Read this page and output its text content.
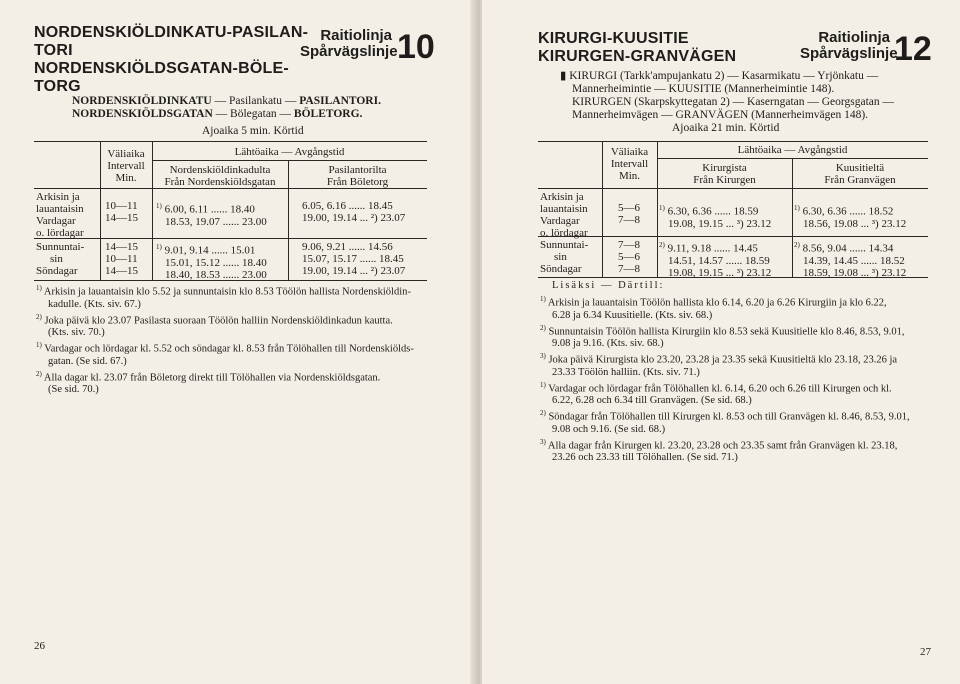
NORDENSKIÖLDINKATU-PASILAN-
TORI
NORDENSKIÖLDSGATAN-BÖLE-
TORG
Raitiolinja
Spårvägslinje 10
NORDENSKIÖLDINKATU — Pasilankatu — PASILANTORI.
NORDENSKIÖLDSGATAN — Bölegatan — BÖLETORG.
Ajoaika 5 min. Körtid
Väliaika
Intervall
Min.
Lähtöaika — Avgångstid
Nordenskiöldinkadulta
Från Nordenskiöldsgatan
Pasilantorilta
Från Böletorg
Arkisin ja
lauantaisin
Vardagar
o. lördagar
10—11
14—15
$^{1)}$ 6.00, 6.11 ...... 18.40
18.53, 19.07 ...... 23.00
6.05, 6.16 ...... 18.45
19.00, 19.14 ... ²) 23.07
Sunnuntai-
sin
Söndagar
14—15
10—11
14—15
$^{1)}$ 9.01, 9.14 ...... 15.01
15.01, 15.12 ...... 18.40
18.40, 18.53 ...... 23.00
9.06, 9.21 ...... 14.56
15.07, 15.17 ...... 18.45
19.00, 19.14 ... ²) 23.07
$^{1)}$ Arkisin ja lauantaisin klo 5.52 ja sunnuntaisin klo 8.53 Töölön hallista Nordenskiöldin-
kadulle. (Kts. siv. 67.)
$^{2)}$ Joka päivä klo 23.07 Pasilasta suoraan Töölön halliin Nordenskiöldinkadun kautta.
(Kts. siv. 70.)
$^{1)}$ Vardagar och lördagar kl. 5.52 och söndagar kl. 8.53 från Tölöhallen till Nordenskiölds-
gatan. (Se sid. 67.)
$^{2)}$ Alla dagar kl. 23.07 från Böletorg direkt till Tölöhallen via Nordenskiöldsgatan.
(Se sid. 70.)
26
KIRURGI-KUUSITIE
KIRURGEN-GRANVÄGEN
Raitiolinja
Spårvägslinje
12
▮ KIRURGI (Tarkk'ampujankatu 2) — Kasarmikatu — Yrjönkatu —
Mannerheimintie — KUUSITIE (Mannerheimintie 148).
KIRURGEN (Skarpskyttegatan 2) — Kaserngatan — Georgsgatan —
Mannerheimvägen — GRANVÄGEN (Mannerheimvägen 148).
Ajoaika 21 min. Körtid
Väliaika
Intervall
Min.
Lähtöaika — Avgångstid
Kirurgista
Från Kirurgen
Kuusitieltä
Från Granvägen
Arkisin ja
lauantaisin
Vardagar
o. lördagar
5—6
7—8
$^{1)}$ 6.30, 6.36 ...... 18.59
19.08, 19.15 ... ³) 23.12
$^{1)}$ 6.30, 6.36 ...... 18.52
18.56, 19.08 ... ³) 23.12
Sunnuntai-
sin
Söndagar
7—8
5—6
7—8
$^{2)}$ 9.11, 9.18 ...... 14.45
14.51, 14.57 ...... 18.59
19.08, 19.15 ... ³) 23.12
$^{2)}$ 8.56, 9.04 ...... 14.34
14.39, 14.45 ...... 18.52
18.59, 19.08 ... ³) 23.12
Lisäksi — Därtill:
$^{1)}$ Arkisin ja lauantaisin Töölön hallista klo 6.14, 6.20 ja 6.26 Kirurgiin ja klo 6.22,
6.28 ja 6.34 Kuusitielle. (Kts. siv. 68.)
$^{2)}$ Sunnuntaisin Töölön hallista Kirurgiin klo 8.53 sekä Kuusitielle klo 8.46, 8.53, 9.01,
9.08 ja 9.16. (Kts. siv. 68.)
$^{3)}$ Joka päivä Kirurgista klo 23.20, 23.28 ja 23.35 sekä Kuusitieltä klo 23.18, 23.26 ja
23.33 Töölön halliin. (Kts. siv. 71.)
$^{1)}$ Vardagar och lördagar från Tölöhallen kl. 6.14, 6.20 och 6.26 till Kirurgen och kl.
6.22, 6.28 och 6.34 till Granvägen. (Se sid. 68.)
$^{2)}$ Söndagar från Tölöhallen till Kirurgen kl. 8.53 och till Granvägen kl. 8.46, 8.53, 9.01,
9.08 och 9.16. (Se sid. 68.)
$^{3)}$ Alla dagar från Kirurgen kl. 23.20, 23.28 och 23.35 samt från Granvägen kl. 23.18,
23.26 och 23.33 till Tölöhallen. (Se sid. 71.)
27
